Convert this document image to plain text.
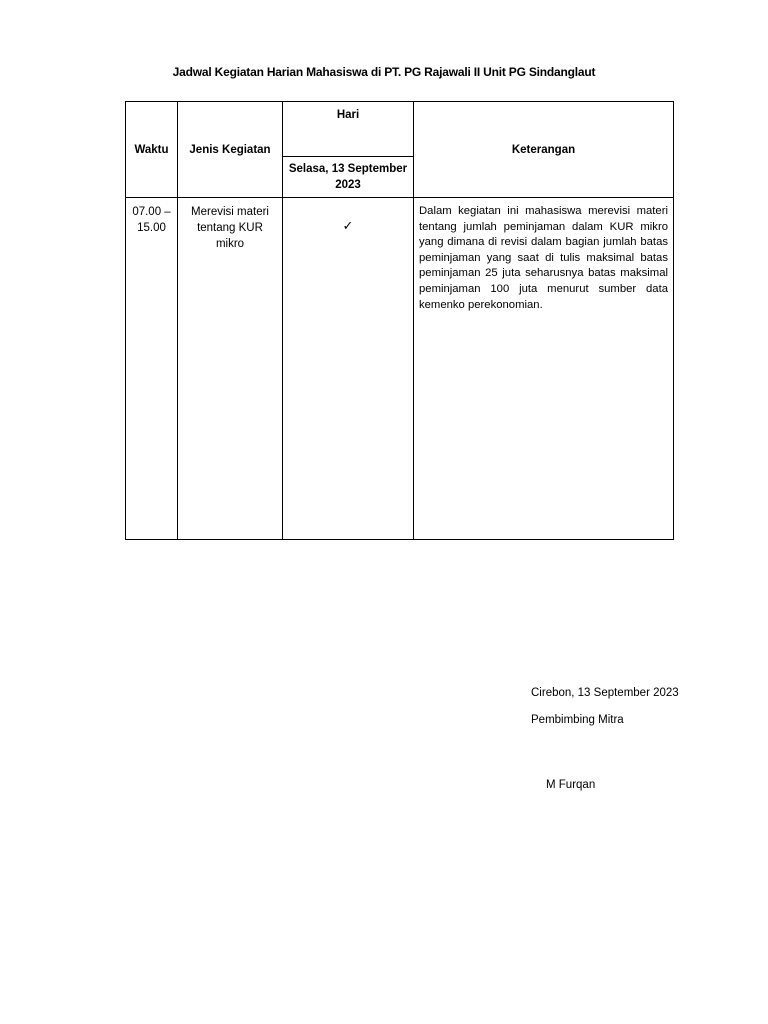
Jadwal Kegiatan Harian Mahasiswa di PT. PG Rajawali II Unit PG Sindanglaut
Waktu	Jenis Kegiatan	Hari	Keterangan
		Selasa, 13 September
2023	
07.00 –
15.00	Merevisi materi tentang KUR mikro	✓	Dalam kegiatan ini mahasiswa merevisi materi tentang jumlah peminjaman dalam KUR mikro yang dimana di revisi dalam bagian jumlah batas peminjaman yang saat di tulis maksimal batas peminjaman 25 juta seharusnya batas maksimal peminjaman 100 juta menurut sumber data kemenko perekonomian.
Cirebon, 13 September 2023
Pembimbing Mitra
M Furqan
